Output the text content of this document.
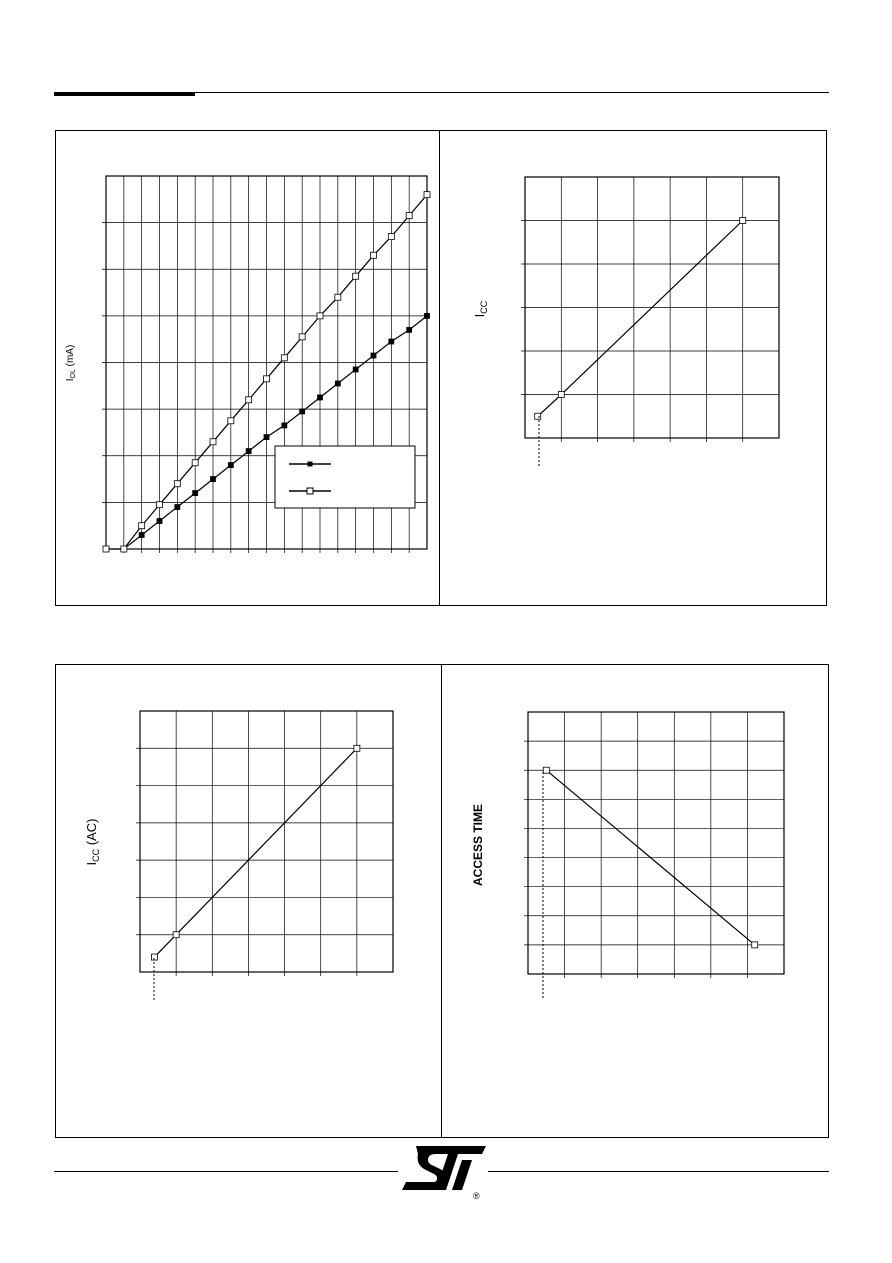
$I_{OL}$ (mA)
$I_{CC}$
$I_{CC}$ (AC)	ACCESS TIME
®
